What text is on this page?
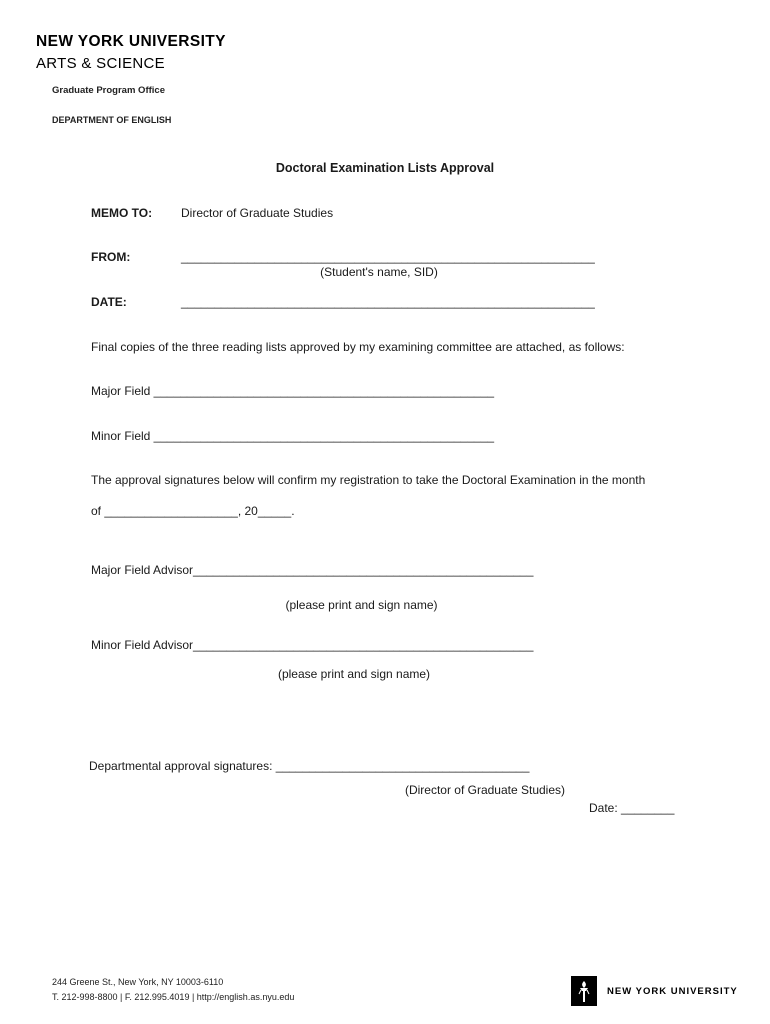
NEW YORK UNIVERSITY
ARTS & SCIENCE
Graduate Program Office
DEPARTMENT OF ENGLISH
Doctoral Examination Lists Approval
MEMO TO: Director of Graduate Studies
FROM:	______________________________________________________________
(Student's name, SID)
DATE:	______________________________________________________________
Final copies of the three reading lists approved by my examining committee are attached, as follows:
Major Field ___________________________________________________
Minor Field ___________________________________________________
The approval signatures below will confirm my registration to take the Doctoral Examination in the month
of ____________________, 20_____.
Major Field Advisor___________________________________________________
(please print and sign name)
Minor Field Advisor___________________________________________________
(please print and sign name)
Departmental approval signatures: ______________________________________
(Director of Graduate Studies)
Date: ________
244 Greene St., New York, NY 10003-6110
T. 212-998-8800 | F. 212.995.4019 | http://english.as.nyu.edu	NEW YORK UNIVERSITY
